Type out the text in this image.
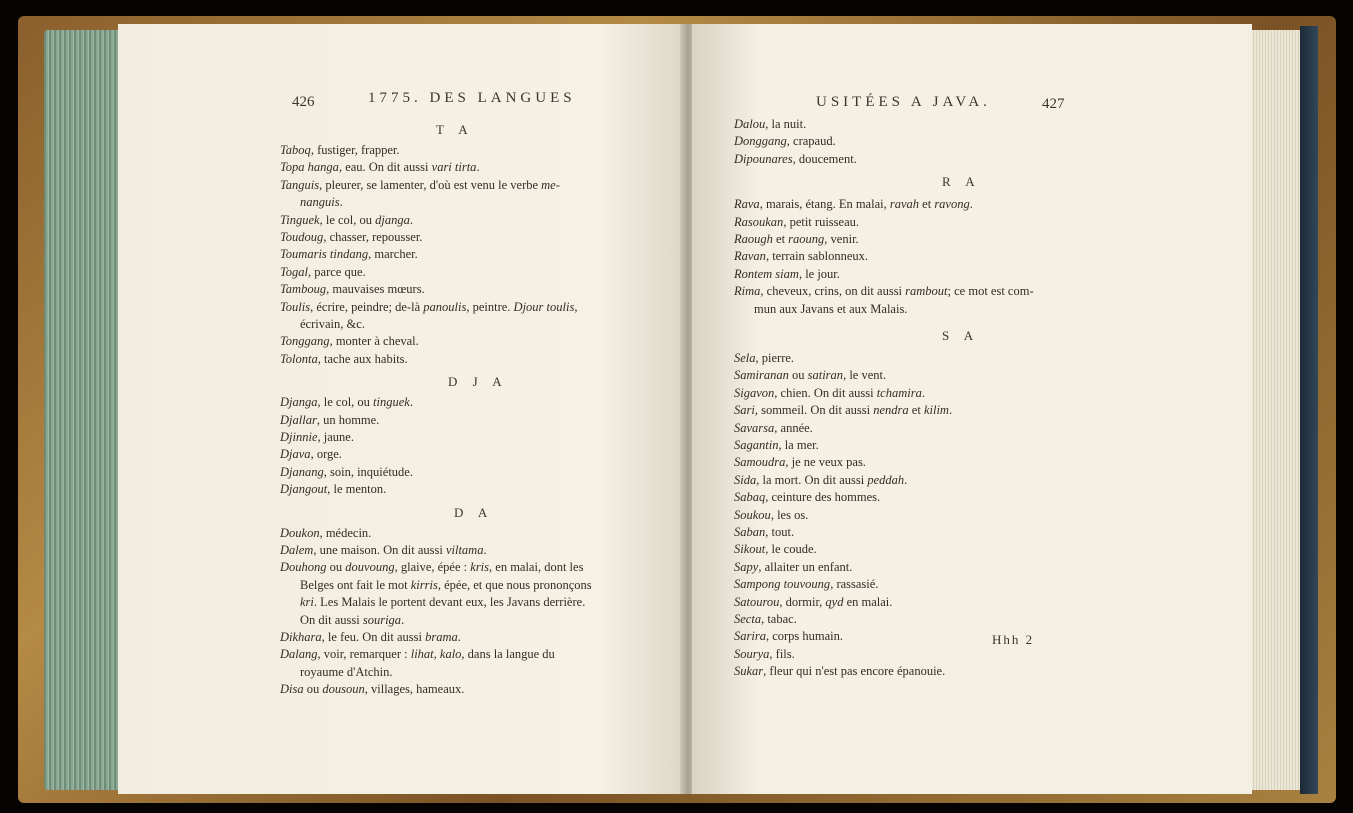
426	1775. DES LANGUES
T A
Taboq, fustiger, frapper.
Topa hanga, eau. On dit aussi vari tirta.
Tanguis, pleurer, se lamenter, d'où est venu le verbe me-
nanguis.
Tinguek, le col, ou djanga.
Toudoug, chasser, repousser.
Toumaris tindang, marcher.
Togal, parce que.
Tamboug, mauvaises mœurs.
Toulis, écrire, peindre; de-là panoulis, peintre. Djour toulis,
écrivain, &c.
Tonggang, monter à cheval.
Tolonta, tache aux habits.
D J A
Djanga, le col, ou tinguek.
Djallar, un homme.
Djinnie, jaune.
Djava, orge.
Djanang, soin, inquiétude.
Djangout, le menton.
D A
Doukon, médecin.
Dalem, une maison. On dit aussi viltama.
Douhong ou douvoung, glaive, épée : kris, en malai, dont les
Belges ont fait le mot kirris, épée, et que nous prononçons
kri. Les Malais le portent devant eux, les Javans derrière.
On dit aussi souriga.
Dikhara, le feu. On dit aussi brama.
Dalang, voir, remarquer : lihat, kalo, dans la langue du
royaume d'Atchin.
Disa ou dousoun, villages, hameaux.
USITÉES A JAVA.	427
Dalou, la nuit.
Donggang, crapaud.
Dipounares, doucement.
R A
Rava, marais, étang. En malai, ravah et ravong.
Rasoukan, petit ruisseau.
Raough et raoung, venir.
Ravan, terrain sablonneux.
Rontem siam, le jour.
Rima, cheveux, crins, on dit aussi rambout; ce mot est com-
mun aux Javans et aux Malais.
S A
Sela, pierre.
Samiranan ou satiran, le vent.
Sigavon, chien. On dit aussi tchamira.
Sari, sommeil. On dit aussi nendra et kilim.
Savarsa, année.
Sagantin, la mer.
Samoudra, je ne veux pas.
Sida, la mort. On dit aussi peddah.
Sabaq, ceinture des hommes.
Soukou, les os.
Saban, tout.
Sikout, le coude.
Sapy, allaiter un enfant.
Sampong touvoung, rassasié.
Satourou, dormir, qyd en malai.
Secta, tabac.
Sarira, corps humain.
Sourya, fils.
Sukar, fleur qui n'est pas encore épanouie.
Hhh 2
